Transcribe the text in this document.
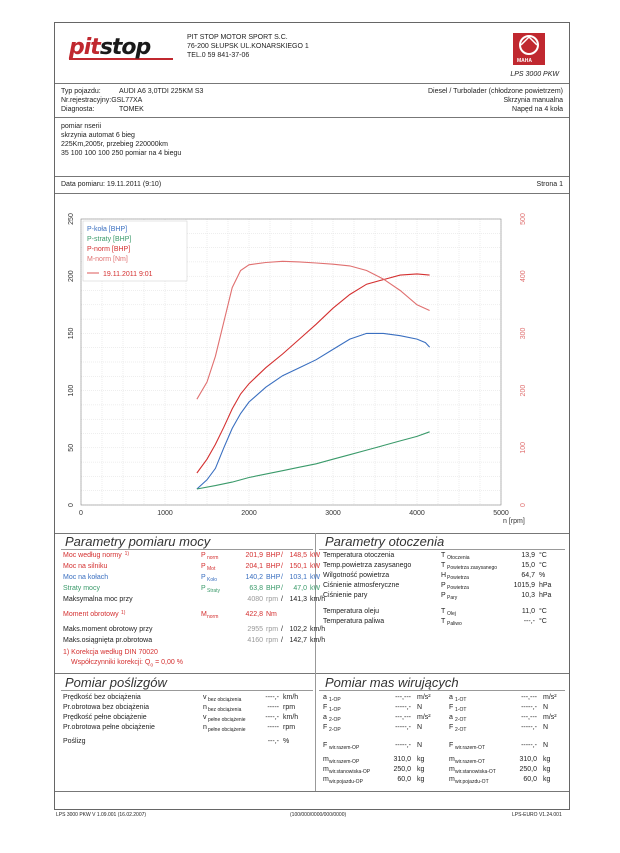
pitstop	PIT STOP MOTOR SPORT S.C.
76-200 SŁUPSK UL.KONARSKIEGO 1
TEL.0 59 841-37-06
MAHA
LPS 3000 PKW
Typ pojazdu:	AUDI A6 3,0TDI 225KM S3
Nr.rejestracyjny:GSL77XA
Diagnosta:	TOMEK
Diesel / Turbolader (chłodzone powietrzem)
Skrzynia manualna
Napęd na 4 koła
pomiar nserii
skrzynia automat 6 bieg
225Km,2005r, przebieg 220000km
35 100 100 100 250 pomiar na 4 biegu
Data pomiaru: 19.11.2011 (9:10)	Strona 1
0	1000	2000	3000	4000	5000
n [rpm]
0
50
100
150
200
250
0
100
200
300
400
500
P-koła [BHP]
P-straty [BHP]
P-norm [BHP]
M-norm [Nm]
19.11.2011 9:01
Parametry pomiaru mocy
Moc według normy 1)	P norm	201,9 BHP / 148,5 kW
Moc na silniku	P Mot	204,1 BHP / 150,1 kW
Moc na kołach	P Koło	140,2 BHP / 103,1 kW
Straty mocy	P Straty	63,8 BHP /	47,0 kW
Maksymalna moc przy	4080 rpm / 141,3 km/h
Moment obrotowy 1)	M norm	422,8 Nm
Maks.moment obrotowy przy	2955 rpm / 102,2 km/h
Maks.osiągnięta pr.obrotowa	4160 rpm / 142,7 km/h
1) Korekcja według DIN 70020
Współczynniki korekcji: $Q_o = 0,00$ %
Parametry otoczenia
Temperatura otoczenia	T Otoczenia	13,9 °C
Temp.powietrza zasysanego	T Powietrza zasysanego	15,0 °C
Wilgotność powietrza	H Powietrza	64,7 %
Ciśnienie atmosferyczne	P Powietrza	1015,9 hPa
Ciśnienie pary	P Pary	10,3 hPa
Temperatura oleju	T Olej	11,0 °C
Temperatura paliwa	T Paliwo	---,- °C
Pomiar poślizgów
Prędkość bez obciążenia	v bez obciążenia	----,- km/h
Pr.obrotowa bez obciążenia	n bez obciążenia	----- rpm
Prędkość pełne obciążenie	v pełne obciążenie	----,- km/h
Pr.obrotowa pełne obciążenie	n pełne obciążenie	----- rpm
Poślizg	---,- %
Pomiar mas wirujących
a 1-OP	---,--- m/s²
F 1-OP	-----,- N
a 2-OP	---,--- m/s²
F 2-OP	-----,- N
F wir.razem-OP	-----,- N
m wir.razem-OP	310,0 kg
m wir.stanowiska-OP	250,0 kg
m wir.pojazdu-OP	60,0 kg
a 1-OT	---,--- m/s²
F 1-OT	-----,- N
a 2-OT	---,--- m/s²
F 2-OT	-----,- N
F wir.razem-OT	-----,- N
m wir.razem-OT	310,0 kg
m wir.stanowiska-OT	250,0 kg
m wir.pojazdu-OT	60,0 kg
LPS 3000 PKW V 1.09.001 (16.02.2007)	(100/000/0000/000/0000)	LPS-EURO V1.24.001
